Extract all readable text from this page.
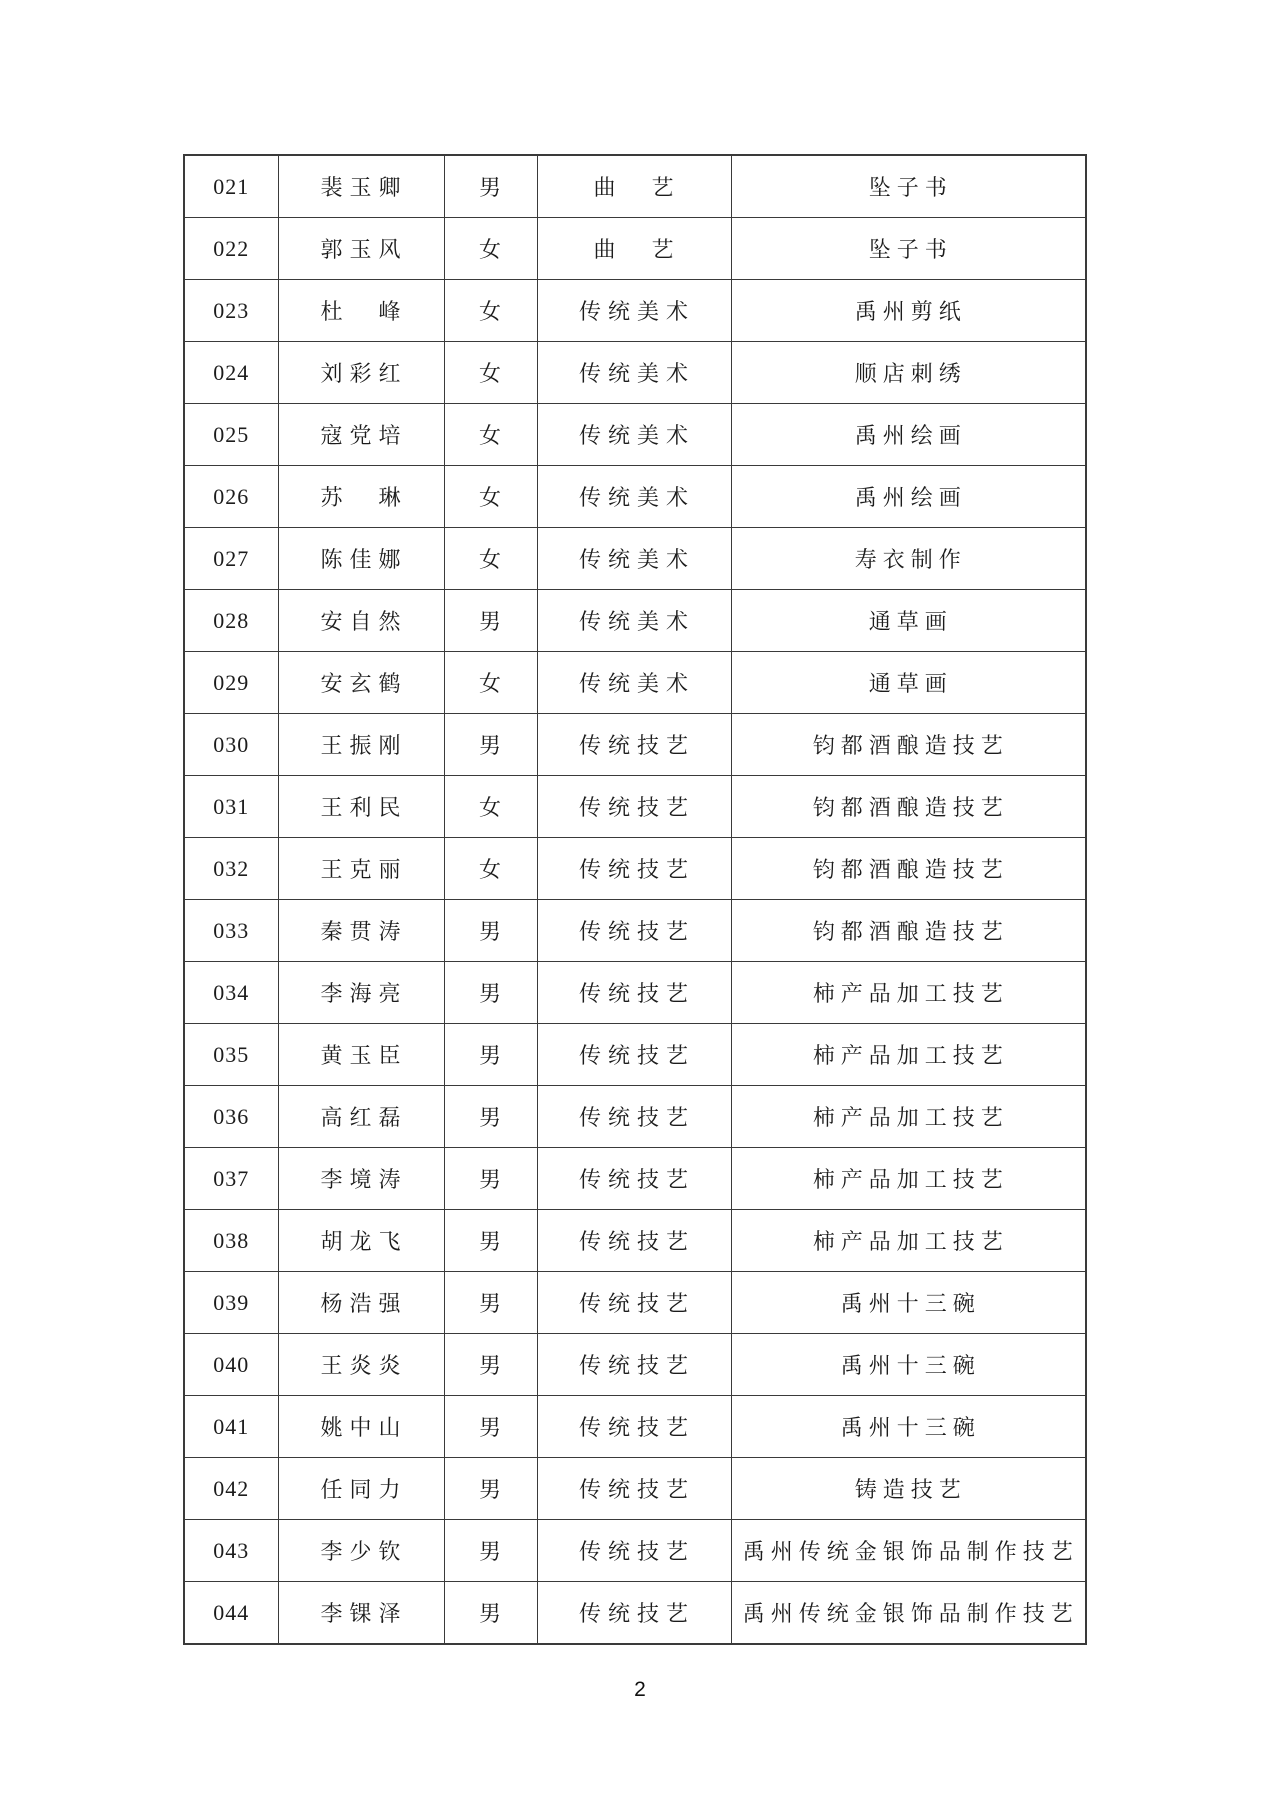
021	裴玉卿	男	曲　艺	坠子书
022	郭玉风	女	曲　艺	坠子书
023	杜　峰	女	传统美术	禹州剪纸
024	刘彩红	女	传统美术	顺店刺绣
025	寇党培	女	传统美术	禹州绘画
026	苏　琳	女	传统美术	禹州绘画
027	陈佳娜	女	传统美术	寿衣制作
028	安自然	男	传统美术	通草画
029	安玄鹤	女	传统美术	通草画
030	王振刚	男	传统技艺	钧都酒酿造技艺
031	王利民	女	传统技艺	钧都酒酿造技艺
032	王克丽	女	传统技艺	钧都酒酿造技艺
033	秦贯涛	男	传统技艺	钧都酒酿造技艺
034	李海亮	男	传统技艺	柿产品加工技艺
035	黄玉臣	男	传统技艺	柿产品加工技艺
036	高红磊	男	传统技艺	柿产品加工技艺
037	李境涛	男	传统技艺	柿产品加工技艺
038	胡龙飞	男	传统技艺	柿产品加工技艺
039	杨浩强	男	传统技艺	禹州十三碗
040	王炎炎	男	传统技艺	禹州十三碗
041	姚中山	男	传统技艺	禹州十三碗
042	任同力	男	传统技艺	铸造技艺
043	李少钦	男	传统技艺	禹州传统金银饰品制作技艺
044	李锞泽	男	传统技艺	禹州传统金银饰品制作技艺
2
